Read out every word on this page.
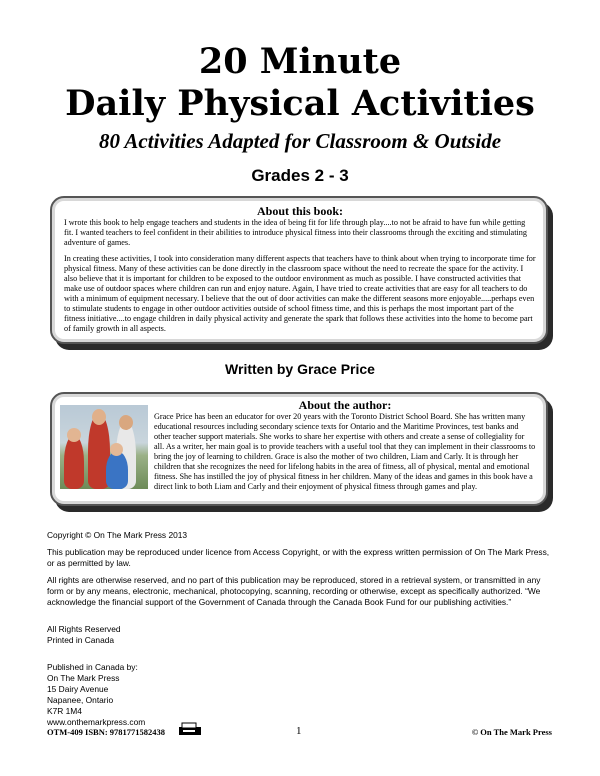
20 Minute
Daily Physical Activities
80 Activities Adapted for Classroom & Outside
Grades 2 - 3
About this book:

I wrote this book to help engage teachers and students in the idea of being fit for life through play....to not be afraid to have fun while getting fit. I wanted teachers to feel confident in their abilities to introduce physical fitness into their classrooms through the exciting and stimulating adventure of games.

In creating these activities, I took into consideration many different aspects that teachers have to think about when trying to incorporate time for physical fitness. Many of these activities can be done directly in the classroom space without the need to recreate the space for the activity. I also believe that it is important for children to be exposed to the outdoor environment as much as possible. I have constructed activities that make use of outdoor spaces where children can run and enjoy nature. Again, I have tried to create activities that are easy for all teachers to do with a minimum of equipment necessary. I believe that the out of door activities can make the different seasons more enjoyable.....perhaps even to stimulate students to engage in other outdoor activities outside of school fitness time, and this is perhaps the most important part of the fitness initiative....to engage children in daily physical activity and generate the spark that follows these activities into the home to become part of family growth in all aspects.

Written by Grace Price
About the author:

Grace Price has been an educator for over 20 years with the Toronto District School Board. She has written many educational resources including secondary science texts for Ontario and the Maritime Provinces, test banks and other teacher support materials. She works to share her expertise with others and create a sense of collegiality for all. As a writer, her main goal is to provide teachers with a useful tool that they can implement in their classrooms to bring the joy of learning to children. Grace is also the mother of two children, Liam and Carly. It is through her children that she recognizes the need for lifelong habits in the area of fitness, all of physical, mental and emotional fitness. She has instilled the joy of physical fitness in her children. Many of the ideas and games in this book have a direct link to both Liam and Carly and their enjoyment of physical fitness through games and play.

Copyright © On The Mark Press 2013

This publication may be reproduced under licence from Access Copyright, or with the express written permission of On The Mark Press, or as permitted by law.

All rights are otherwise reserved, and no part of this publication may be reproduced, stored in a retrieval system, or transmitted in any form or by any means, electronic, mechanical, photocopying, scanning, recording or otherwise, except as specifically authorized. “We acknowledge the financial support of the Government of Canada through the Canada Book Fund for our publishing activities.”

All Rights Reserved

Printed in Canada

Published in Canada by:

On The Mark Press

15 Dairy Avenue

Napanee, Ontario

K7R 1M4

www.onthemarkpress.com

OTM-409 ISBN: 9781771582438	1	© On The Mark Press
